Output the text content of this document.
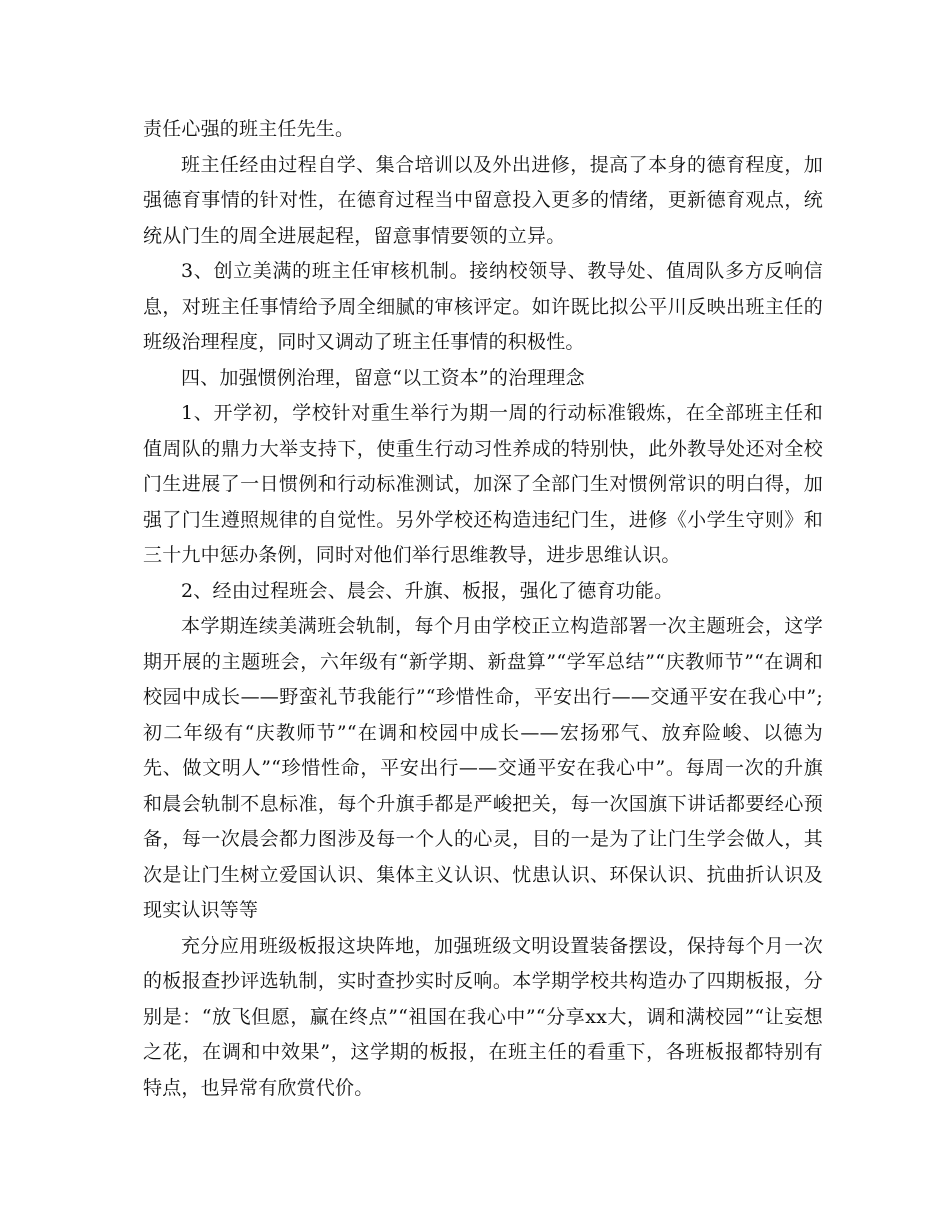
责任心强的班主任先生。

班主任经由过程自学、集合培训以及外出进修，提高了本身的德育程度，加强德育事情的针对性，在德育过程当中留意投入更多的情绪，更新德育观点，统统从门生的周全进展起程，留意事情要领的立异。

3、创立美满的班主任审核机制。接纳校领导、教导处、值周队多方反响信息，对班主任事情给予周全细腻的审核评定。如许既比拟公平川反映出班主任的班级治理程度，同时又调动了班主任事情的积极性。

四、加强惯例治理，留意“以工资本”的治理理念

1、开学初，学校针对重生举行为期一周的行动标准锻炼，在全部班主任和值周队的鼎力大举支持下，使重生行动习性养成的特别快，此外教导处还对全校门生进展了一日惯例和行动标准测试，加深了全部门生对惯例常识的明白得，加强了门生遵照规律的自觉性。另外学校还构造违纪门生，进修《小学生守则》和三十九中惩办条例，同时对他们举行思维教导，进步思维认识。

2、经由过程班会、晨会、升旗、板报，强化了德育功能。

本学期连续美满班会轨制，每个月由学校正立构造部署一次主题班会，这学期开展的主题班会，六年级有“新学期、新盘算”“学军总结”“庆教师节”“在调和校园中成长——野蛮礼节我能行”“珍惜性命，平安出行——交通平安在我心中”;初二年级有“庆教师节”“在调和校园中成长——宏扬邪气、放弃险峻、以德为先、做文明人”“珍惜性命，平安出行——交通平安在我心中”。每周一次的升旗和晨会轨制不息标准，每个升旗手都是严峻把关，每一次国旗下讲话都要经心预备，每一次晨会都力图涉及每一个人的心灵，目的一是为了让门生学会做人，其次是让门生树立爱国认识、集体主义认识、忧患认识、环保认识、抗曲折认识及现实认识等等

充分应用班级板报这块阵地，加强班级文明设置装备摆设，保持每个月一次的板报查抄评选轨制，实时查抄实时反响。本学期学校共构造办了四期板报，分别是：“放飞但愿，赢在终点”“祖国在我心中”“分享xx大，调和满校园”“让妄想之花，在调和中效果”，这学期的板报，在班主任的看重下，各班板报都特别有特点，也异常有欣赏代价。
